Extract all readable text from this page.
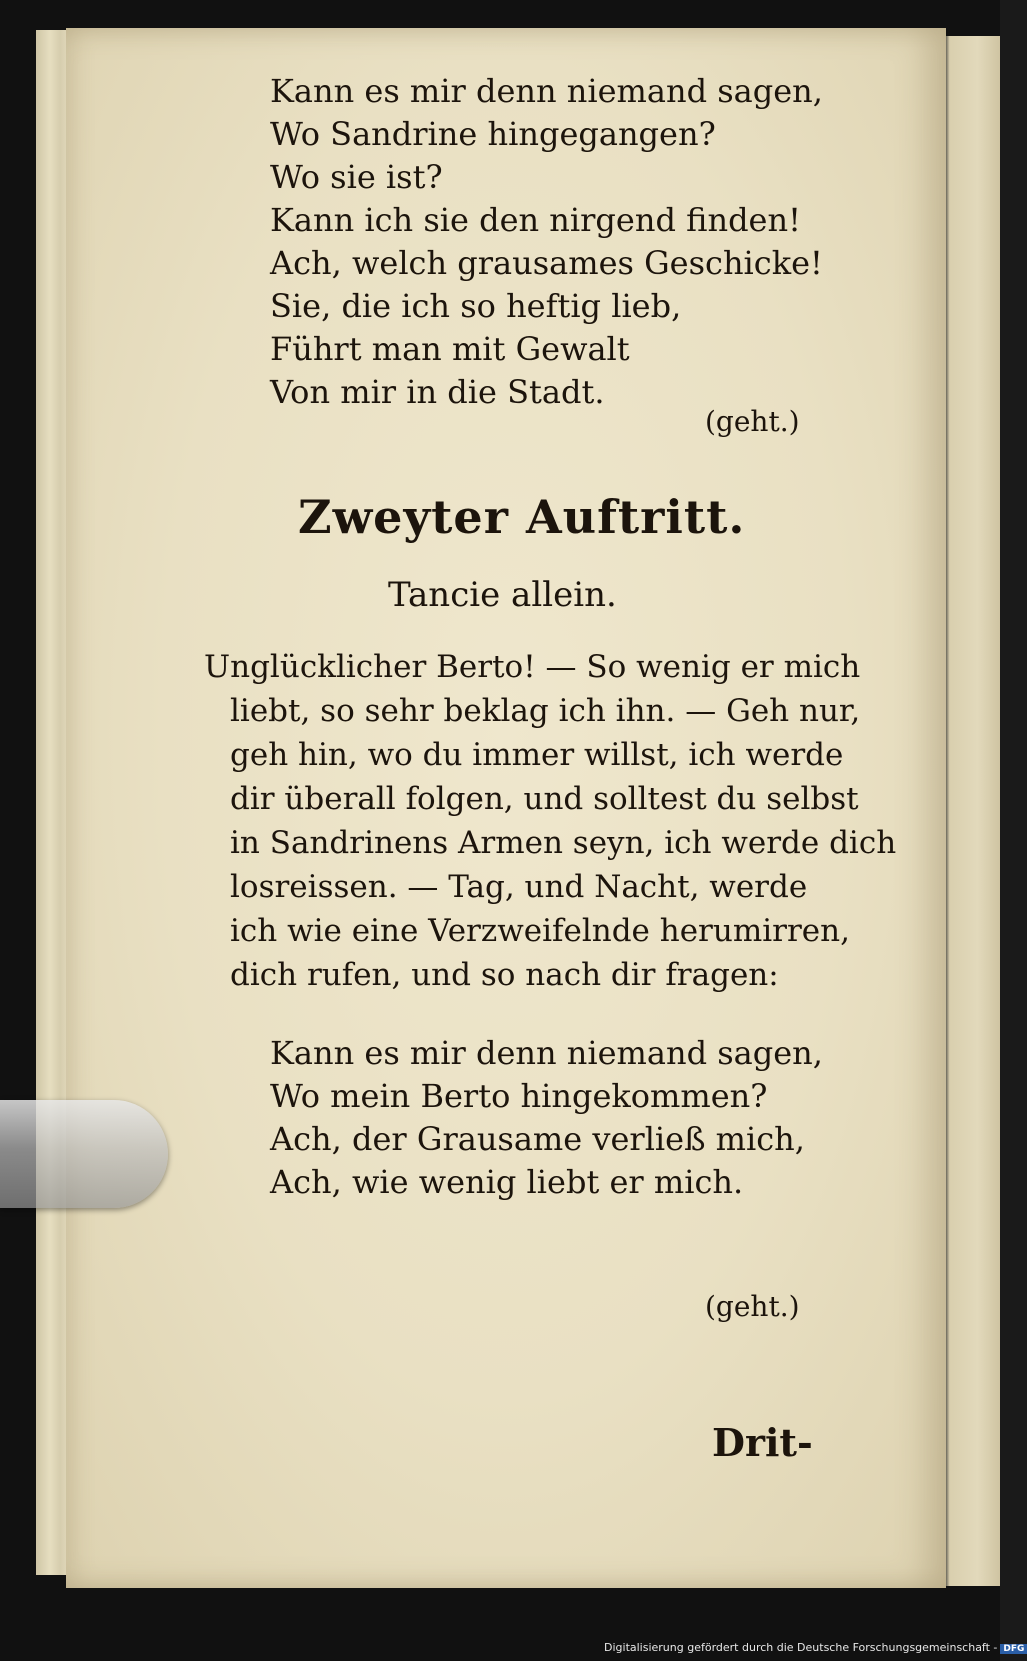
Kann es mir denn niemand sagen,
Wo Sandrine hingegangen?
Wo sie ist?
Kann ich sie den nirgend finden!
Ach, welch grausames Geschicke!
Sie, die ich so heftig lieb,
Führt man mit Gewalt
Von mir in die Stadt.
(geht.)
Zweyter Auftritt.
Tancie allein.
Unglücklicher Berto! — So wenig er mich
liebt, so sehr beklag ich ihn. — Geh nur,
geh hin, wo du immer willst, ich werde
dir überall folgen, und solltest du selbst
in Sandrinens Armen seyn, ich werde dich
losreissen. — Tag, und Nacht, werde
ich wie eine Verzweifelnde herumirren,
dich rufen, und so nach dir fragen:
Kann es mir denn niemand sagen,
Wo mein Berto hingekommen?
Ach, der Grausame verließ mich,
Ach, wie wenig liebt er mich.
(geht.)
Drit-
Digitalisierung gefördert durch die Deutsche Forschungsgemeinschaft - DFG
